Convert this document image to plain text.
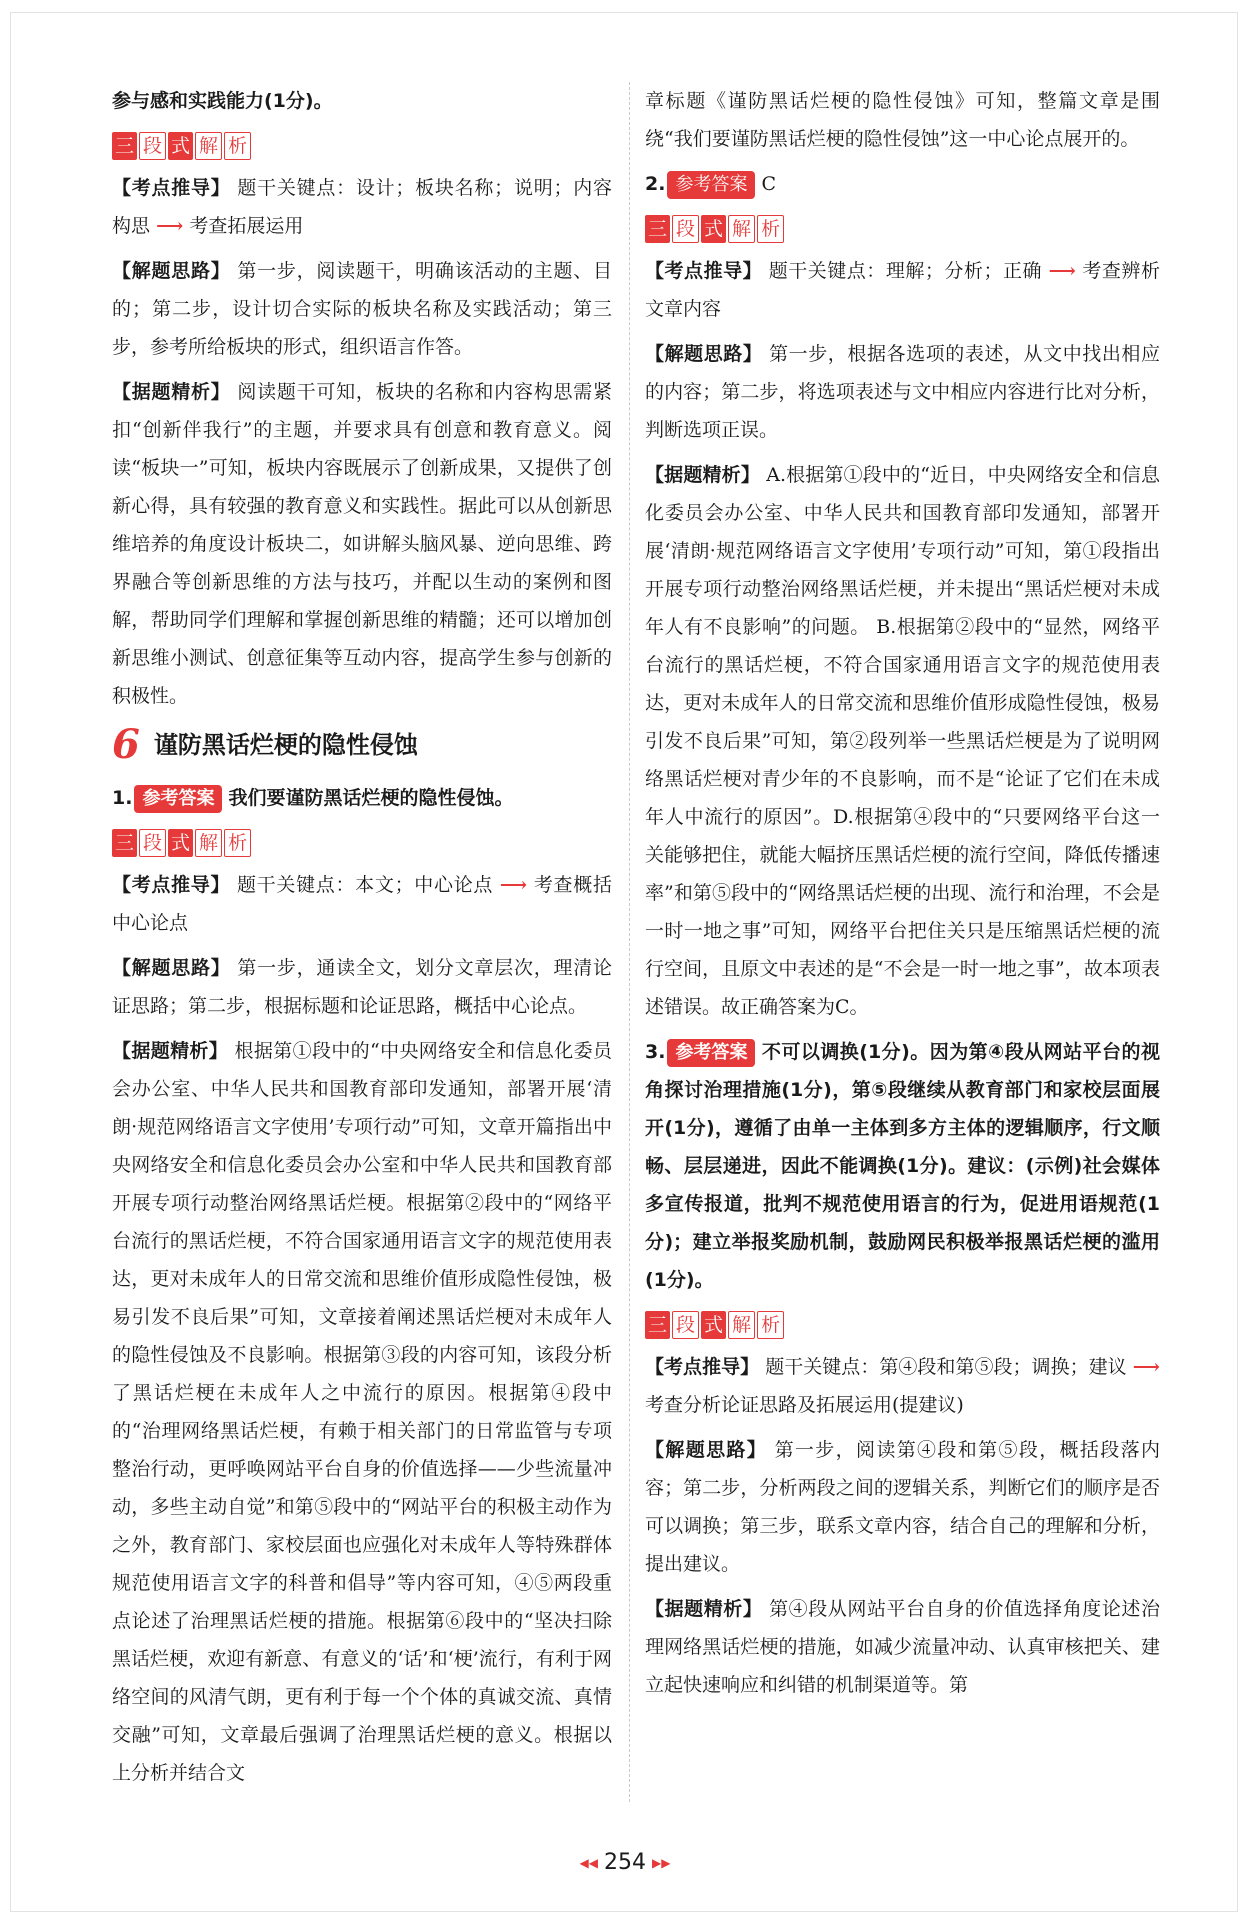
参与感和实践能力(1分)。

三 段 式 解 析

【考点推导】 题干关键点：设计；板块名称；说明；内容构思 ⟶ 考查拓展运用

【解题思路】 第一步，阅读题干，明确该活动的主题、目的；第二步，设计切合实际的板块名称及实践活动；第三步，参考所给板块的形式，组织语言作答。

【据题精析】 阅读题干可知，板块的名称和内容构思需紧扣“创新伴我行”的主题，并要求具有创意和教育意义。阅读“板块一”可知，板块内容既展示了创新成果，又提供了创新心得，具有较强的教育意义和实践性。据此可以从创新思维培养的角度设计板块二，如讲解头脑风暴、逆向思维、跨界融合等创新思维的方法与技巧，并配以生动的案例和图解，帮助同学们理解和掌握创新思维的精髓；还可以增加创新思维小测试、创意征集等互动内容，提高学生参与创新的积极性。

6 谨防黑话烂梗的隐性侵蚀

1. 参考答案 我们要谨防黑话烂梗的隐性侵蚀。

三 段 式 解 析

【考点推导】 题干关键点：本文；中心论点 ⟶ 考查概括中心论点

【解题思路】 第一步，通读全文，划分文章层次，理清论证思路；第二步，根据标题和论证思路，概括中心论点。

【据题精析】 根据第①段中的“中央网络安全和信息化委员会办公室、中华人民共和国教育部印发通知，部署开展‘清朗·规范网络语言文字使用’专项行动”可知，文章开篇指出中央网络安全和信息化委员会办公室和中华人民共和国教育部开展专项行动整治网络黑话烂梗。根据第②段中的“网络平台流行的黑话烂梗，不符合国家通用语言文字的规范使用表达，更对未成年人的日常交流和思维价值形成隐性侵蚀，极易引发不良后果”可知，文章接着阐述黑话烂梗对未成年人的隐性侵蚀及不良影响。根据第③段的内容可知，该段分析了黑话烂梗在未成年人之中流行的原因。根据第④段中的“治理网络黑话烂梗，有赖于相关部门的日常监管与专项整治行动，更呼唤网站平台自身的价值选择——少些流量冲动，多些主动自觉”和第⑤段中的“网站平台的积极主动作为之外，教育部门、家校层面也应强化对未成年人等特殊群体规范使用语言文字的科普和倡导”等内容可知，④⑤两段重点论述了治理黑话烂梗的措施。根据第⑥段中的“坚决扫除黑话烂梗，欢迎有新意、有意义的‘话’和‘梗’流行，有利于网络空间的风清气朗，更有利于每一个个体的真诚交流、真情交融”可知，文章最后强调了治理黑话烂梗的意义。根据以上分析并结合文

章标题《谨防黑话烂梗的隐性侵蚀》可知，整篇文章是围绕“我们要谨防黑话烂梗的隐性侵蚀”这一中心论点展开的。

2. 参考答案 C

三 段 式 解 析

【考点推导】 题干关键点：理解；分析；正确 ⟶ 考查辨析文章内容

【解题思路】 第一步，根据各选项的表述，从文中找出相应的内容；第二步，将选项表述与文中相应内容进行比对分析，判断选项正误。

【据题精析】 A.根据第①段中的“近日，中央网络安全和信息化委员会办公室、中华人民共和国教育部印发通知，部署开展‘清朗·规范网络语言文字使用’专项行动”可知，第①段指出开展专项行动整治网络黑话烂梗，并未提出“黑话烂梗对未成年人有不良影响”的问题。 B.根据第②段中的“显然，网络平台流行的黑话烂梗，不符合国家通用语言文字的规范使用表达，更对未成年人的日常交流和思维价值形成隐性侵蚀，极易引发不良后果”可知，第②段列举一些黑话烂梗是为了说明网络黑话烂梗对青少年的不良影响，而不是“论证了它们在未成年人中流行的原因”。D.根据第④段中的“只要网络平台这一关能够把住，就能大幅挤压黑话烂梗的流行空间，降低传播速率”和第⑤段中的“网络黑话烂梗的出现、流行和治理，不会是一时一地之事”可知，网络平台把住关只是压缩黑话烂梗的流行空间，且原文中表述的是“不会是一时一地之事”，故本项表述错误。故正确答案为C。

3. 参考答案 不可以调换(1分)。因为第④段从网站平台的视角探讨治理措施(1分)，第⑤段继续从教育部门和家校层面展开(1分)，遵循了由单一主体到多方主体的逻辑顺序，行文顺畅、层层递进，因此不能调换(1分)。建议：(示例)社会媒体多宣传报道，批判不规范使用语言的行为，促进用语规范(1分)；建立举报奖励机制，鼓励网民积极举报黑话烂梗的滥用(1分)。

三 段 式 解 析

【考点推导】 题干关键点：第④段和第⑤段；调换；建议 ⟶ 考查分析论证思路及拓展运用(提建议)

【解题思路】 第一步，阅读第④段和第⑤段，概括段落内容；第二步，分析两段之间的逻辑关系，判断它们的顺序是否可以调换；第三步，联系文章内容，结合自己的理解和分析，提出建议。

【据题精析】 第④段从网站平台自身的价值选择角度论述治理网络黑话烂梗的措施，如减少流量冲动、认真审核把关、建立起快速响应和纠错的机制渠道等。第

◀◀ 254 ▶▶
